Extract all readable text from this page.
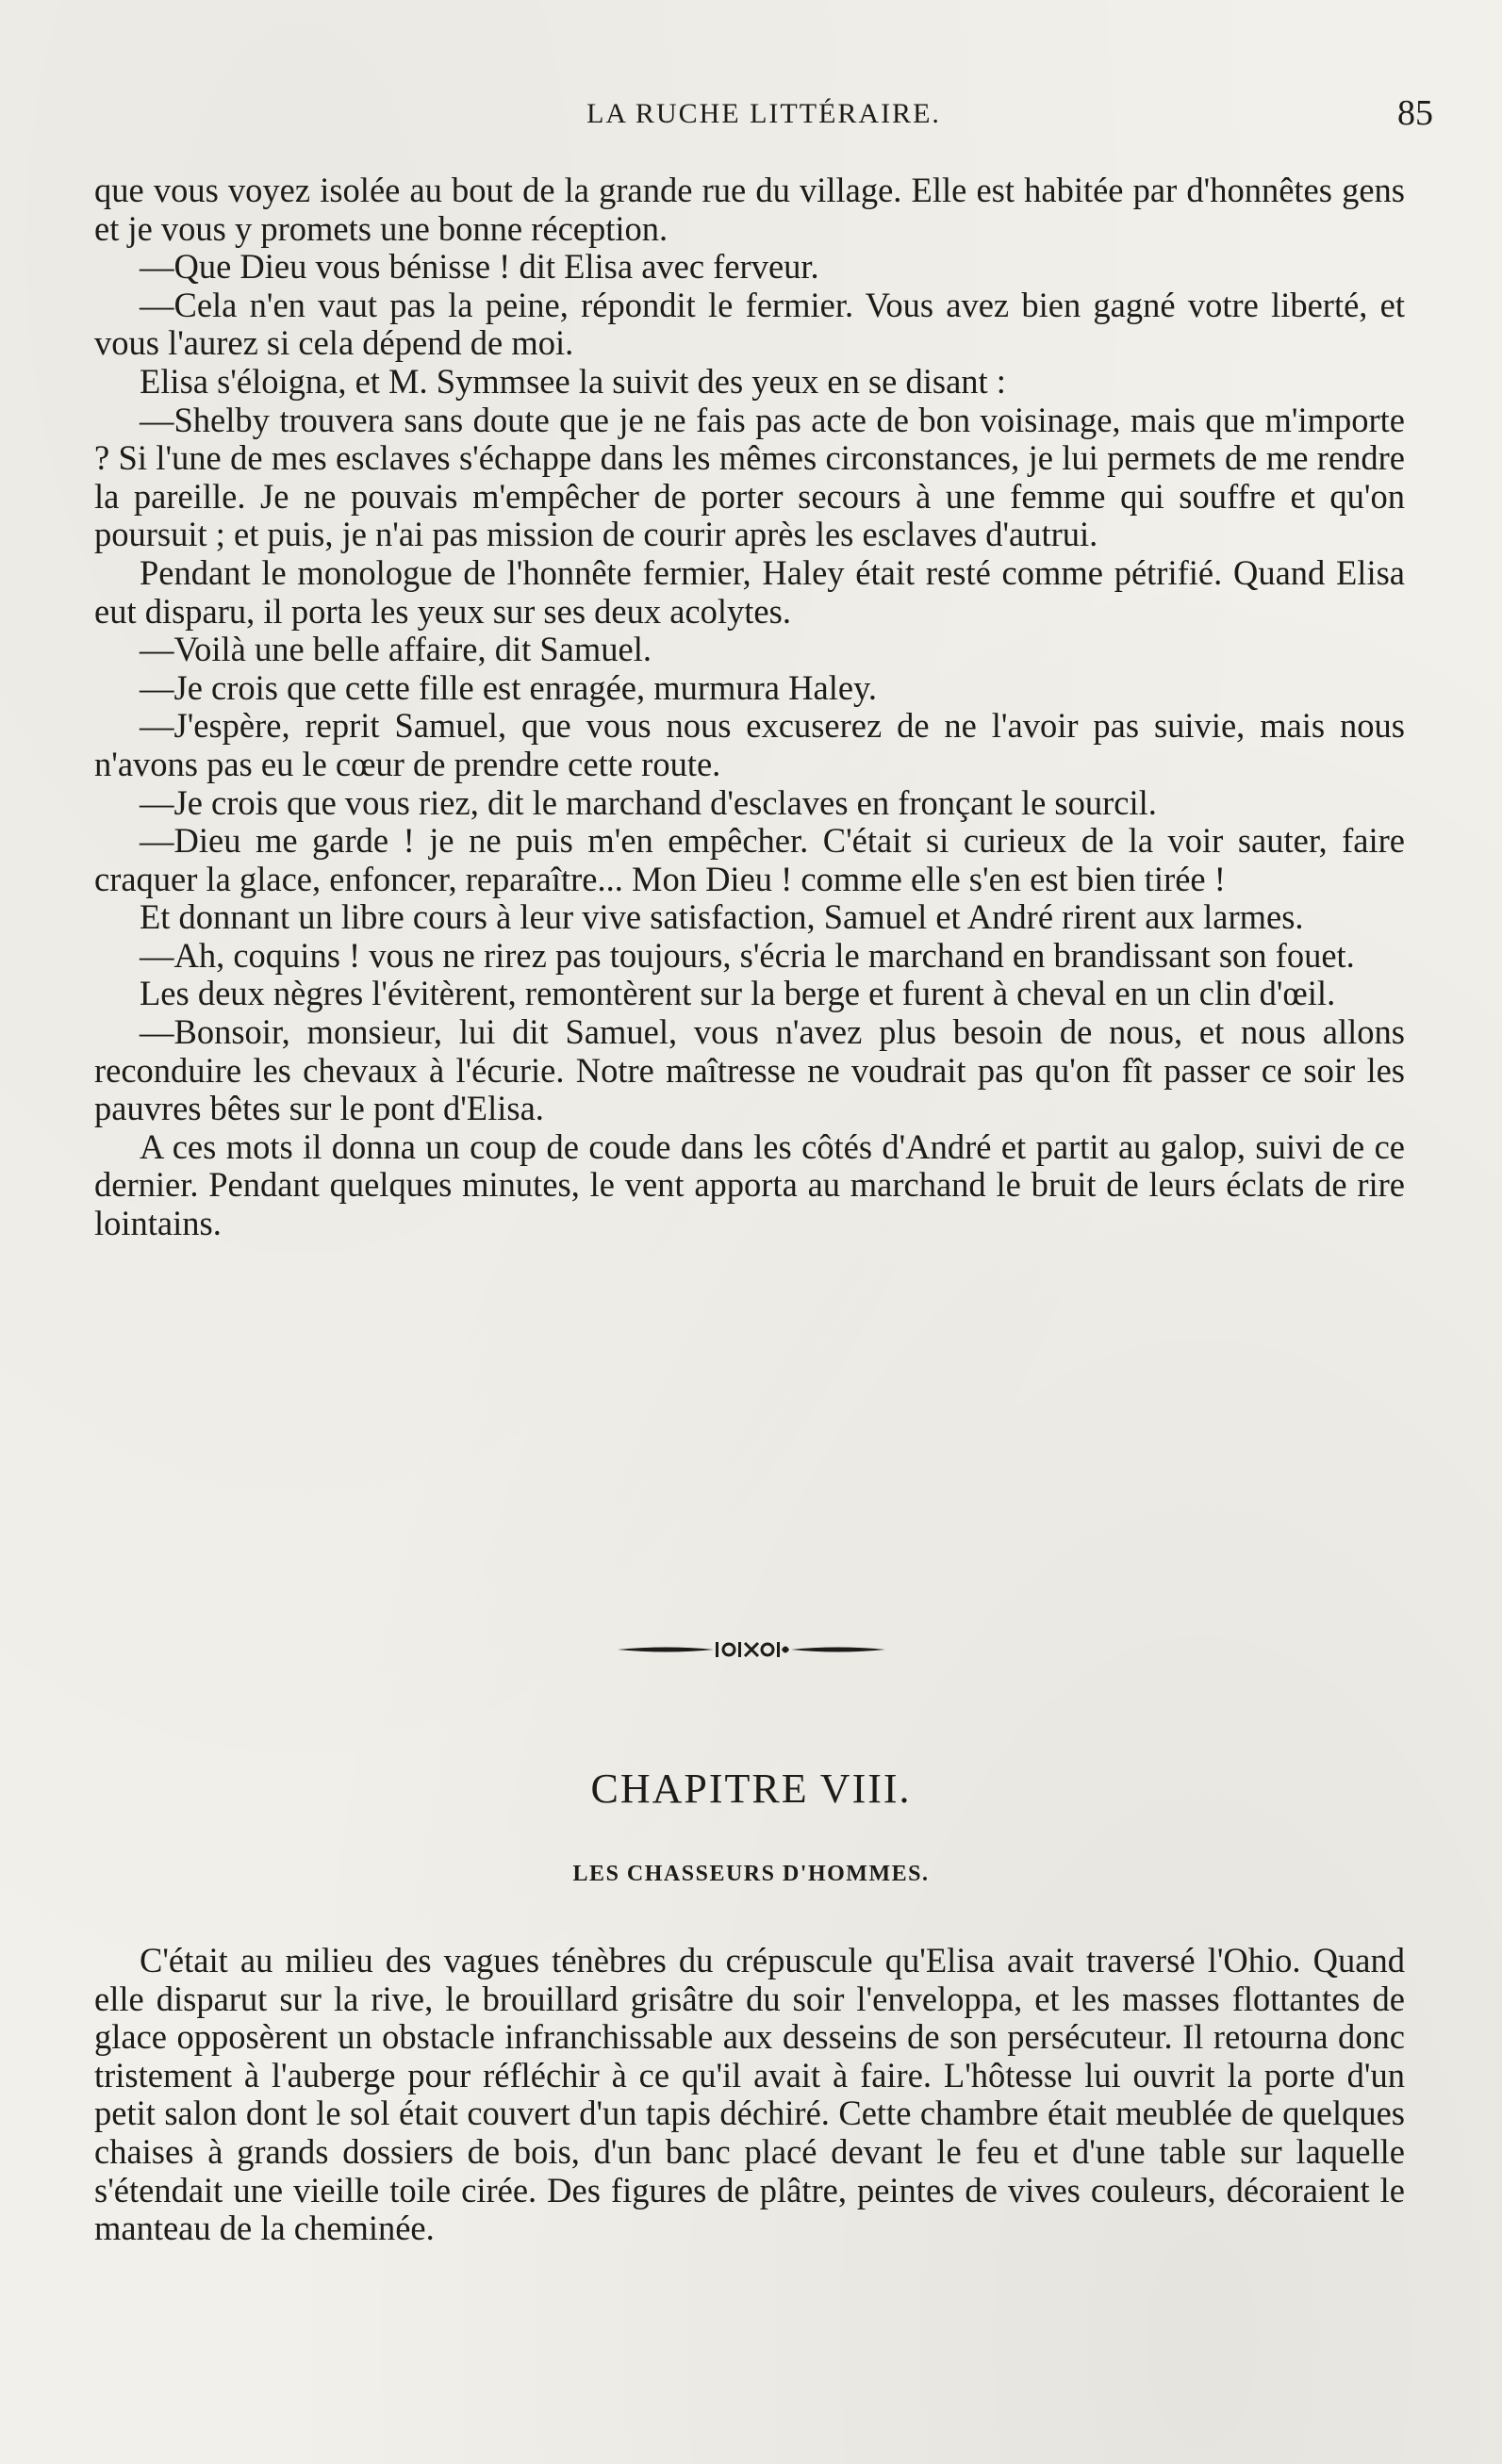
LA RUCHE LITTÉRAIRE.	85

que vous voyez isolée au bout de la grande rue du village. Elle est habitée par d'honnêtes gens et je vous y promets une bonne réception.

—Que Dieu vous bénisse ! dit Elisa avec ferveur.

—Cela n'en vaut pas la peine, répondit le fermier. Vous avez bien gagné votre liberté, et vous l'aurez si cela dépend de moi.

Elisa s'éloigna, et M. Symmsee la suivit des yeux en se disant :

—Shelby trouvera sans doute que je ne fais pas acte de bon voisinage, mais que m'importe ? Si l'une de mes esclaves s'échappe dans les mêmes circonstances, je lui permets de me rendre la pareille. Je ne pouvais m'empêcher de porter secours à une femme qui souffre et qu'on poursuit ; et puis, je n'ai pas mission de courir après les esclaves d'autrui.

Pendant le monologue de l'honnête fermier, Haley était resté comme pétrifié. Quand Elisa eut disparu, il porta les yeux sur ses deux acolytes.

—Voilà une belle affaire, dit Samuel.

—Je crois que cette fille est enragée, murmura Haley.

—J'espère, reprit Samuel, que vous nous excuserez de ne l'avoir pas suivie, mais nous n'avons pas eu le cœur de prendre cette route.

—Je crois que vous riez, dit le marchand d'esclaves en fronçant le sourcil.

—Dieu me garde ! je ne puis m'en empêcher. C'était si curieux de la voir sauter, faire craquer la glace, enfoncer, reparaître... Mon Dieu ! comme elle s'en est bien tirée !

Et donnant un libre cours à leur vive satisfaction, Samuel et André rirent aux larmes.

—Ah, coquins ! vous ne rirez pas toujours, s'écria le marchand en brandissant son fouet.

Les deux nègres l'évitèrent, remontèrent sur la berge et furent à cheval en un clin d'œil.

—Bonsoir, monsieur, lui dit Samuel, vous n'avez plus besoin de nous, et nous allons reconduire les chevaux à l'écurie. Notre maîtresse ne voudrait pas qu'on fît passer ce soir les pauvres bêtes sur le pont d'Elisa.

A ces mots il donna un coup de coude dans les côtés d'André et partit au galop, suivi de ce dernier. Pendant quelques minutes, le vent apporta au marchand le bruit de leurs éclats de rire lointains.

CHAPITRE VIII.
LES CHASSEURS D'HOMMES.

C'était au milieu des vagues ténèbres du crépuscule qu'Elisa avait traversé l'Ohio. Quand elle disparut sur la rive, le brouillard grisâtre du soir l'enveloppa, et les masses flottantes de glace opposèrent un obstacle infranchissable aux desseins de son persécuteur. Il retourna donc tristement à l'auberge pour réfléchir à ce qu'il avait à faire. L'hôtesse lui ouvrit la porte d'un petit salon dont le sol était couvert d'un tapis déchiré. Cette chambre était meublée de quelques chaises à grands dossiers de bois, d'un banc placé devant le feu et d'une table sur laquelle s'étendait une vieille toile cirée. Des figures de plâtre, peintes de vives couleurs, décoraient le manteau de la cheminée.
